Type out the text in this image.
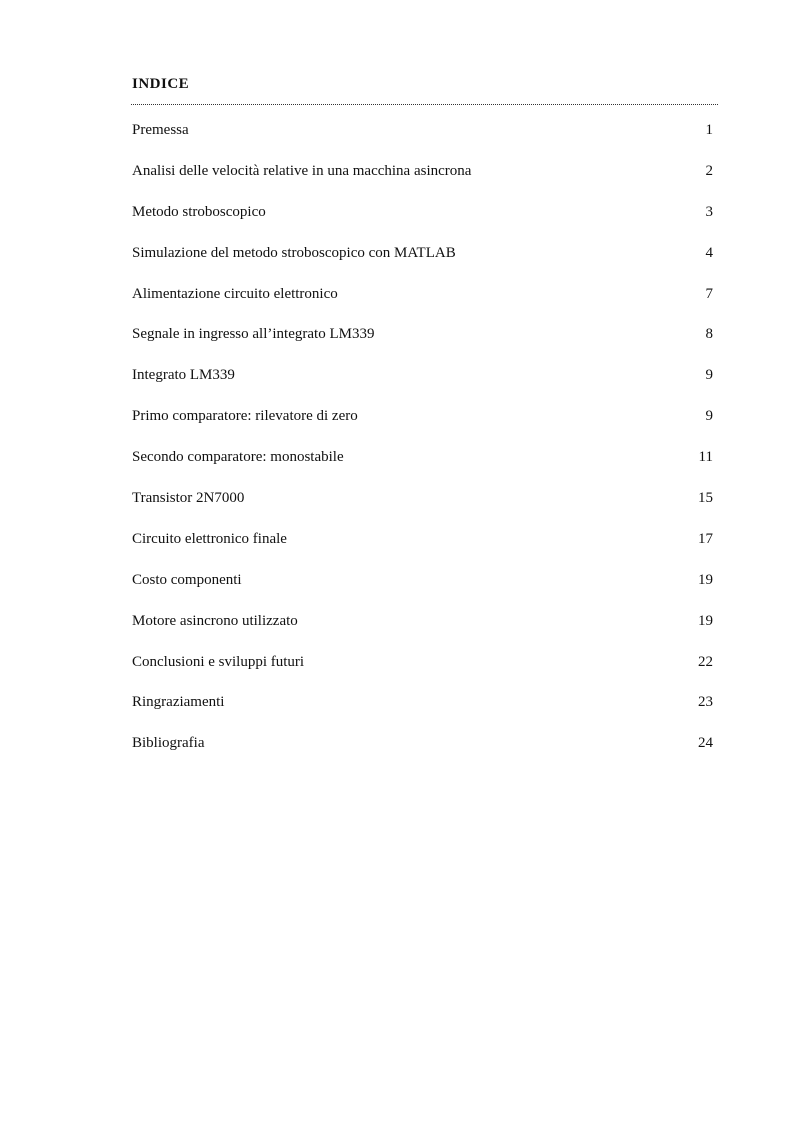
INDICE
Premessa	1
Analisi delle velocità relative in una macchina asincrona	2
Metodo stroboscopico	3
Simulazione del metodo stroboscopico con MATLAB	4
Alimentazione circuito elettronico	7
Segnale in ingresso all’integrato LM339	8
Integrato LM339	9
Primo comparatore: rilevatore di zero	9
Secondo comparatore: monostabile	11
Transistor 2N7000	15
Circuito elettronico finale	17
Costo componenti	19
Motore asincrono utilizzato	19
Conclusioni e sviluppi futuri	22
Ringraziamenti	23
Bibliografia	24
